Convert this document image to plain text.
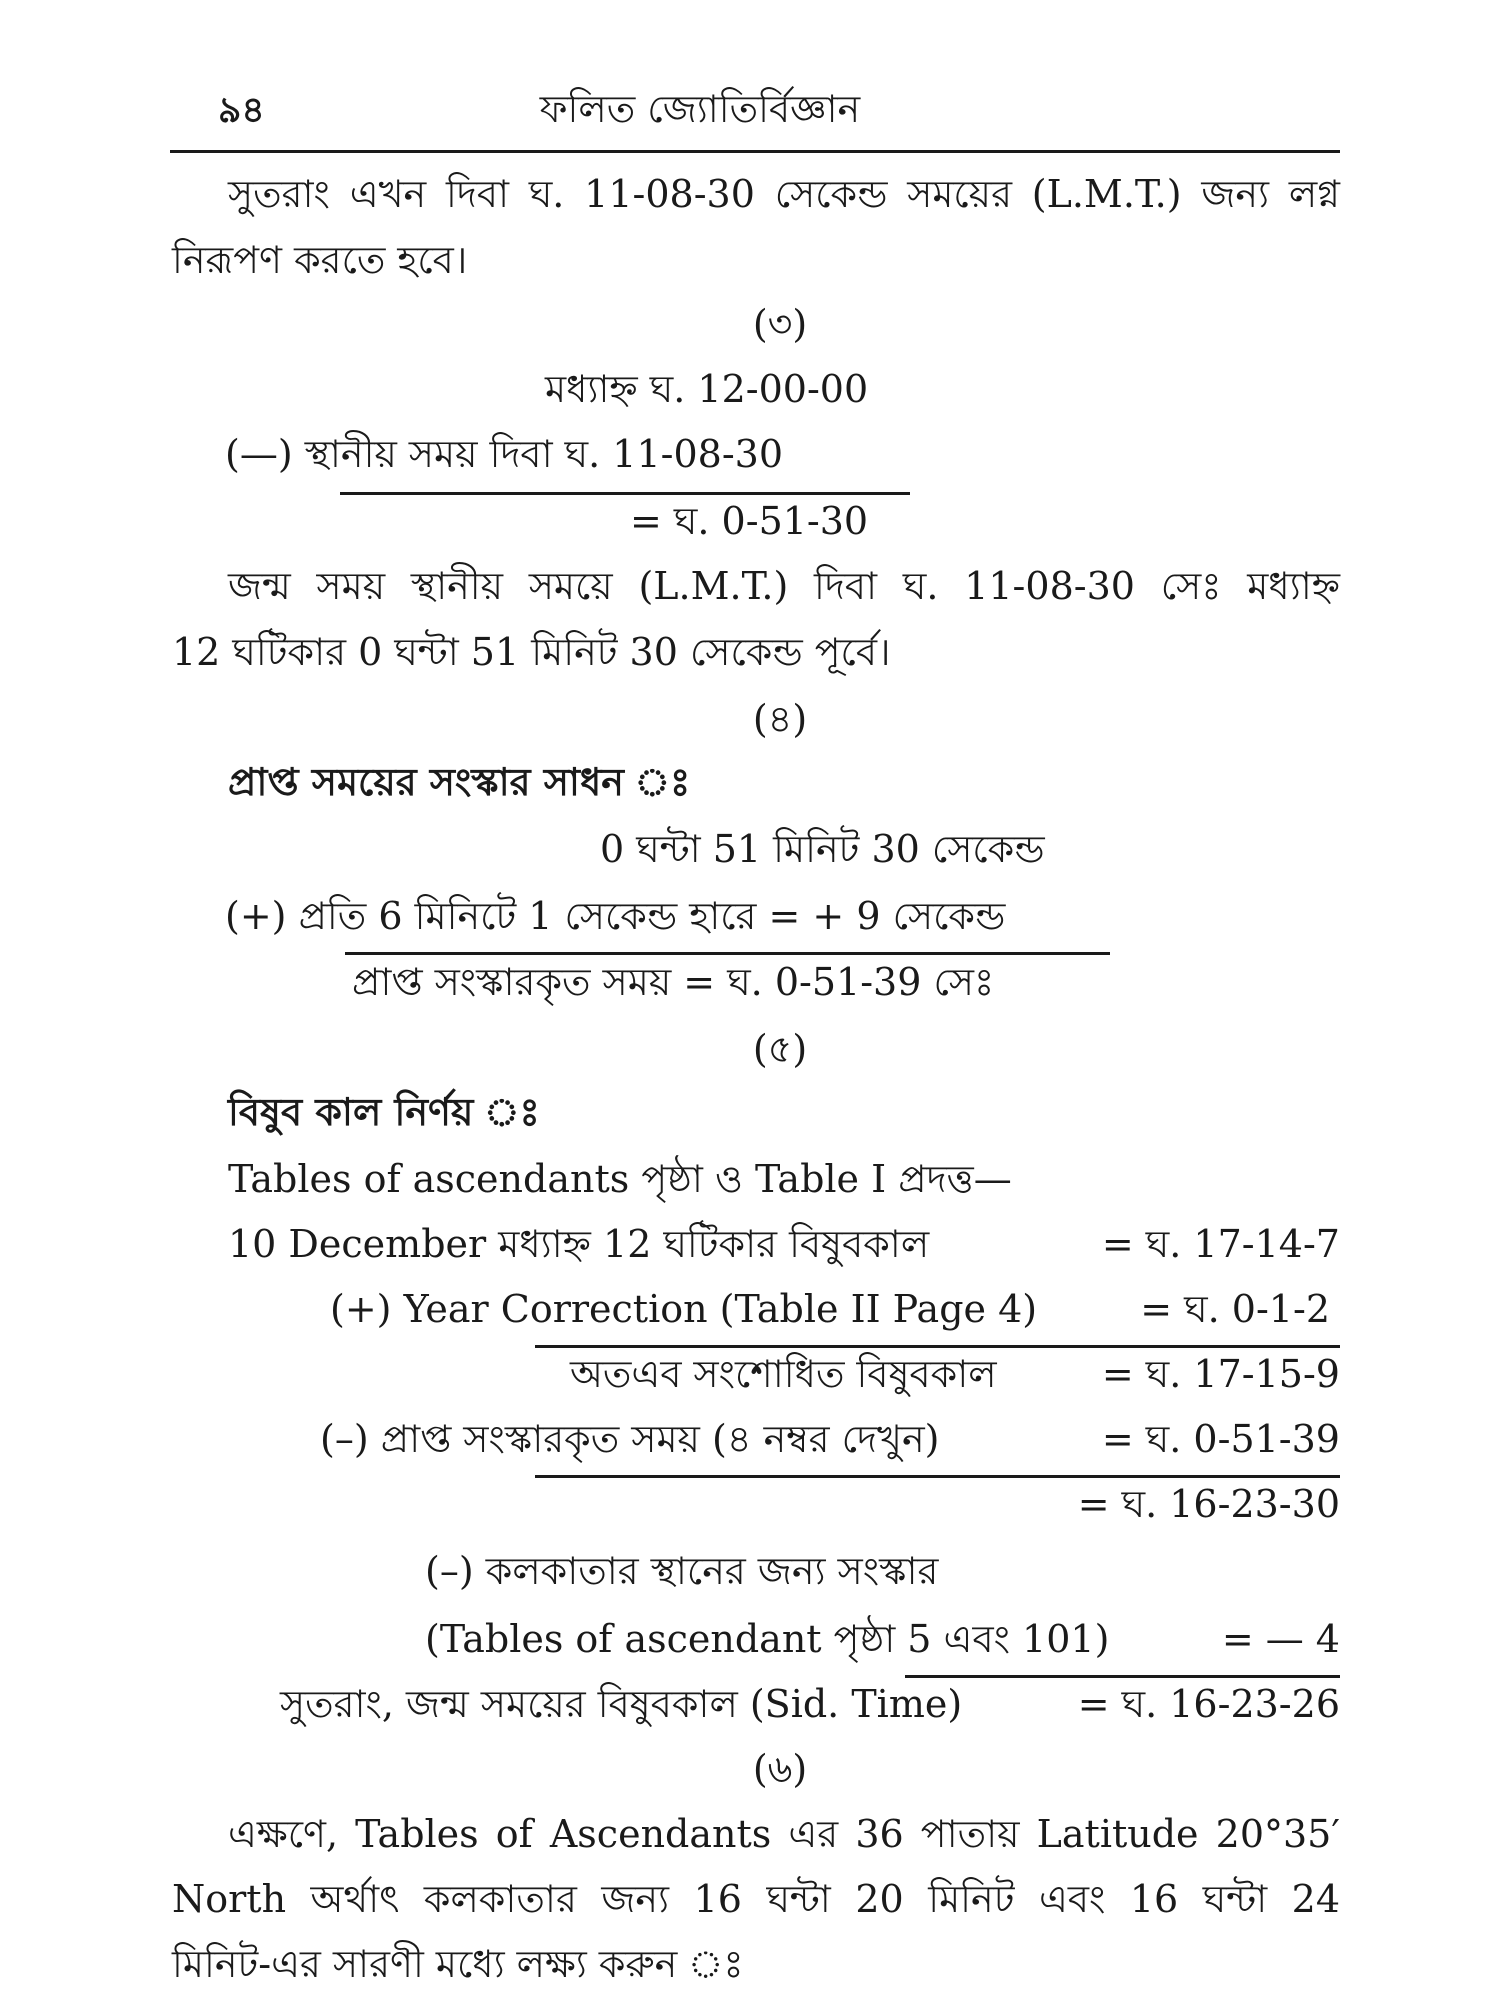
৯৪	ফলিত জ্যোতির্বিজ্ঞান
সুতরাং এখন দিবা ঘ. 11-08-30 সেকেন্ড সময়ের (L.M.T.) জন্য লগ্ন
নিরূপণ করতে হবে।
(৩)
মধ্যাহ্ন ঘ. 12-00-00
(—) স্থানীয় সময় দিবা ঘ. 11-08-30
= ঘ. 0-51-30
জন্ম সময় স্থানীয় সময়ে (L.M.T.) দিবা ঘ. 11-08-30 সেঃ মধ্যাহ্ন
12 ঘটিকার 0 ঘন্টা 51 মিনিট 30 সেকেন্ড পূর্বে।
(৪)
প্রাপ্ত সময়ের সংস্কার সাধন ঃ
0 ঘন্টা 51 মিনিট 30 সেকেন্ড
(+) প্রতি 6 মিনিটে 1 সেকেন্ড হারে = + 9 সেকেন্ড
প্রাপ্ত সংস্কারকৃত সময় = ঘ. 0-51-39 সেঃ
(৫)
বিষুব কাল নির্ণয় ঃ
Tables of ascendants পৃষ্ঠা ও Table I প্রদত্ত—
10 December মধ্যাহ্ন 12 ঘটিকার বিষুবকাল	= ঘ. 17-14-7
(+) Year Correction (Table II Page 4)	= ঘ. 0-1-2
অতএব সংশোধিত বিষুবকাল	= ঘ. 17-15-9
(–) প্রাপ্ত সংস্কারকৃত সময় (৪ নম্বর দেখুন)	= ঘ. 0-51-39
= ঘ. 16-23-30
(–) কলকাতার স্থানের জন্য সংস্কার
(Tables of ascendant পৃষ্ঠা 5 এবং 101)	= — 4
সুতরাং, জন্ম সময়ের বিষুবকাল (Sid. Time)	= ঘ. 16-23-26
(৬)
এক্ষণে, Tables of Ascendants এর 36 পাতায় Latitude 20°35′
North অর্থাৎ কলকাতার জন্য 16 ঘন্টা 20 মিনিট এবং 16 ঘন্টা 24
মিনিট-এর সারণী মধ্যে লক্ষ্য করুন ঃ
